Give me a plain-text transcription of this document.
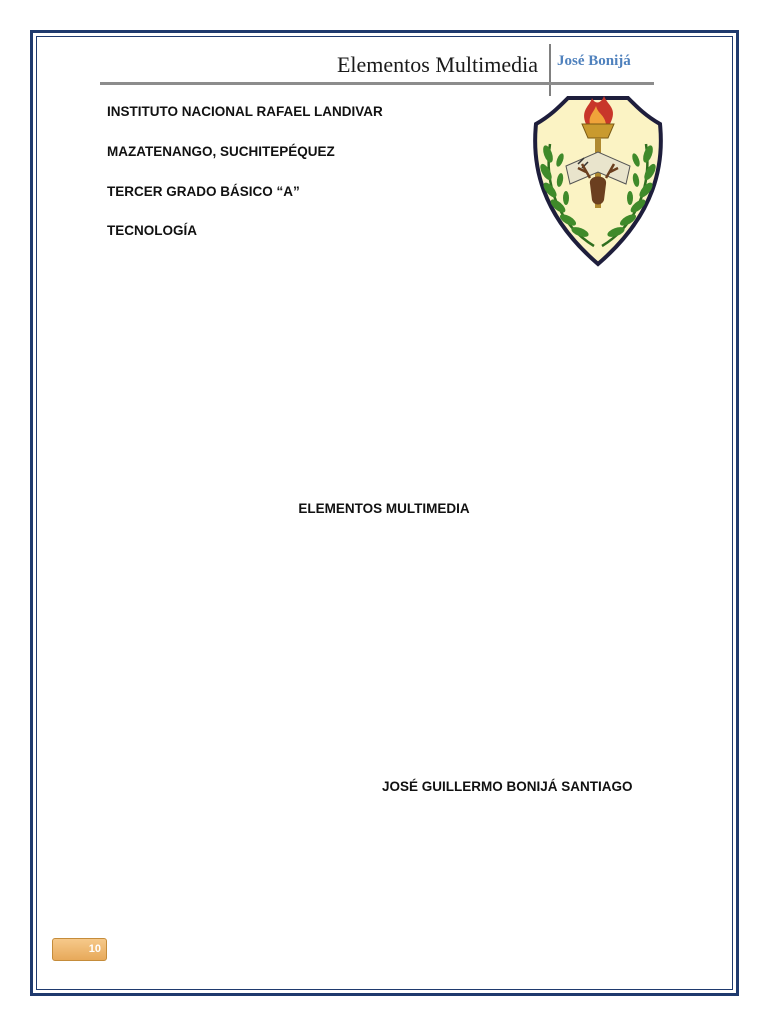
Elementos Multimedia José Bonijá
INSTITUTO NACIONAL RAFAEL LANDIVAR
MAZATENANGO, SUCHITEPÉQUEZ
TERCER GRADO BÁSICO “A”
TECNOLOGÍA
ELEMENTOS MULTIMEDIA
JOSÉ GUILLERMO BONIJÁ SANTIAGO
10
